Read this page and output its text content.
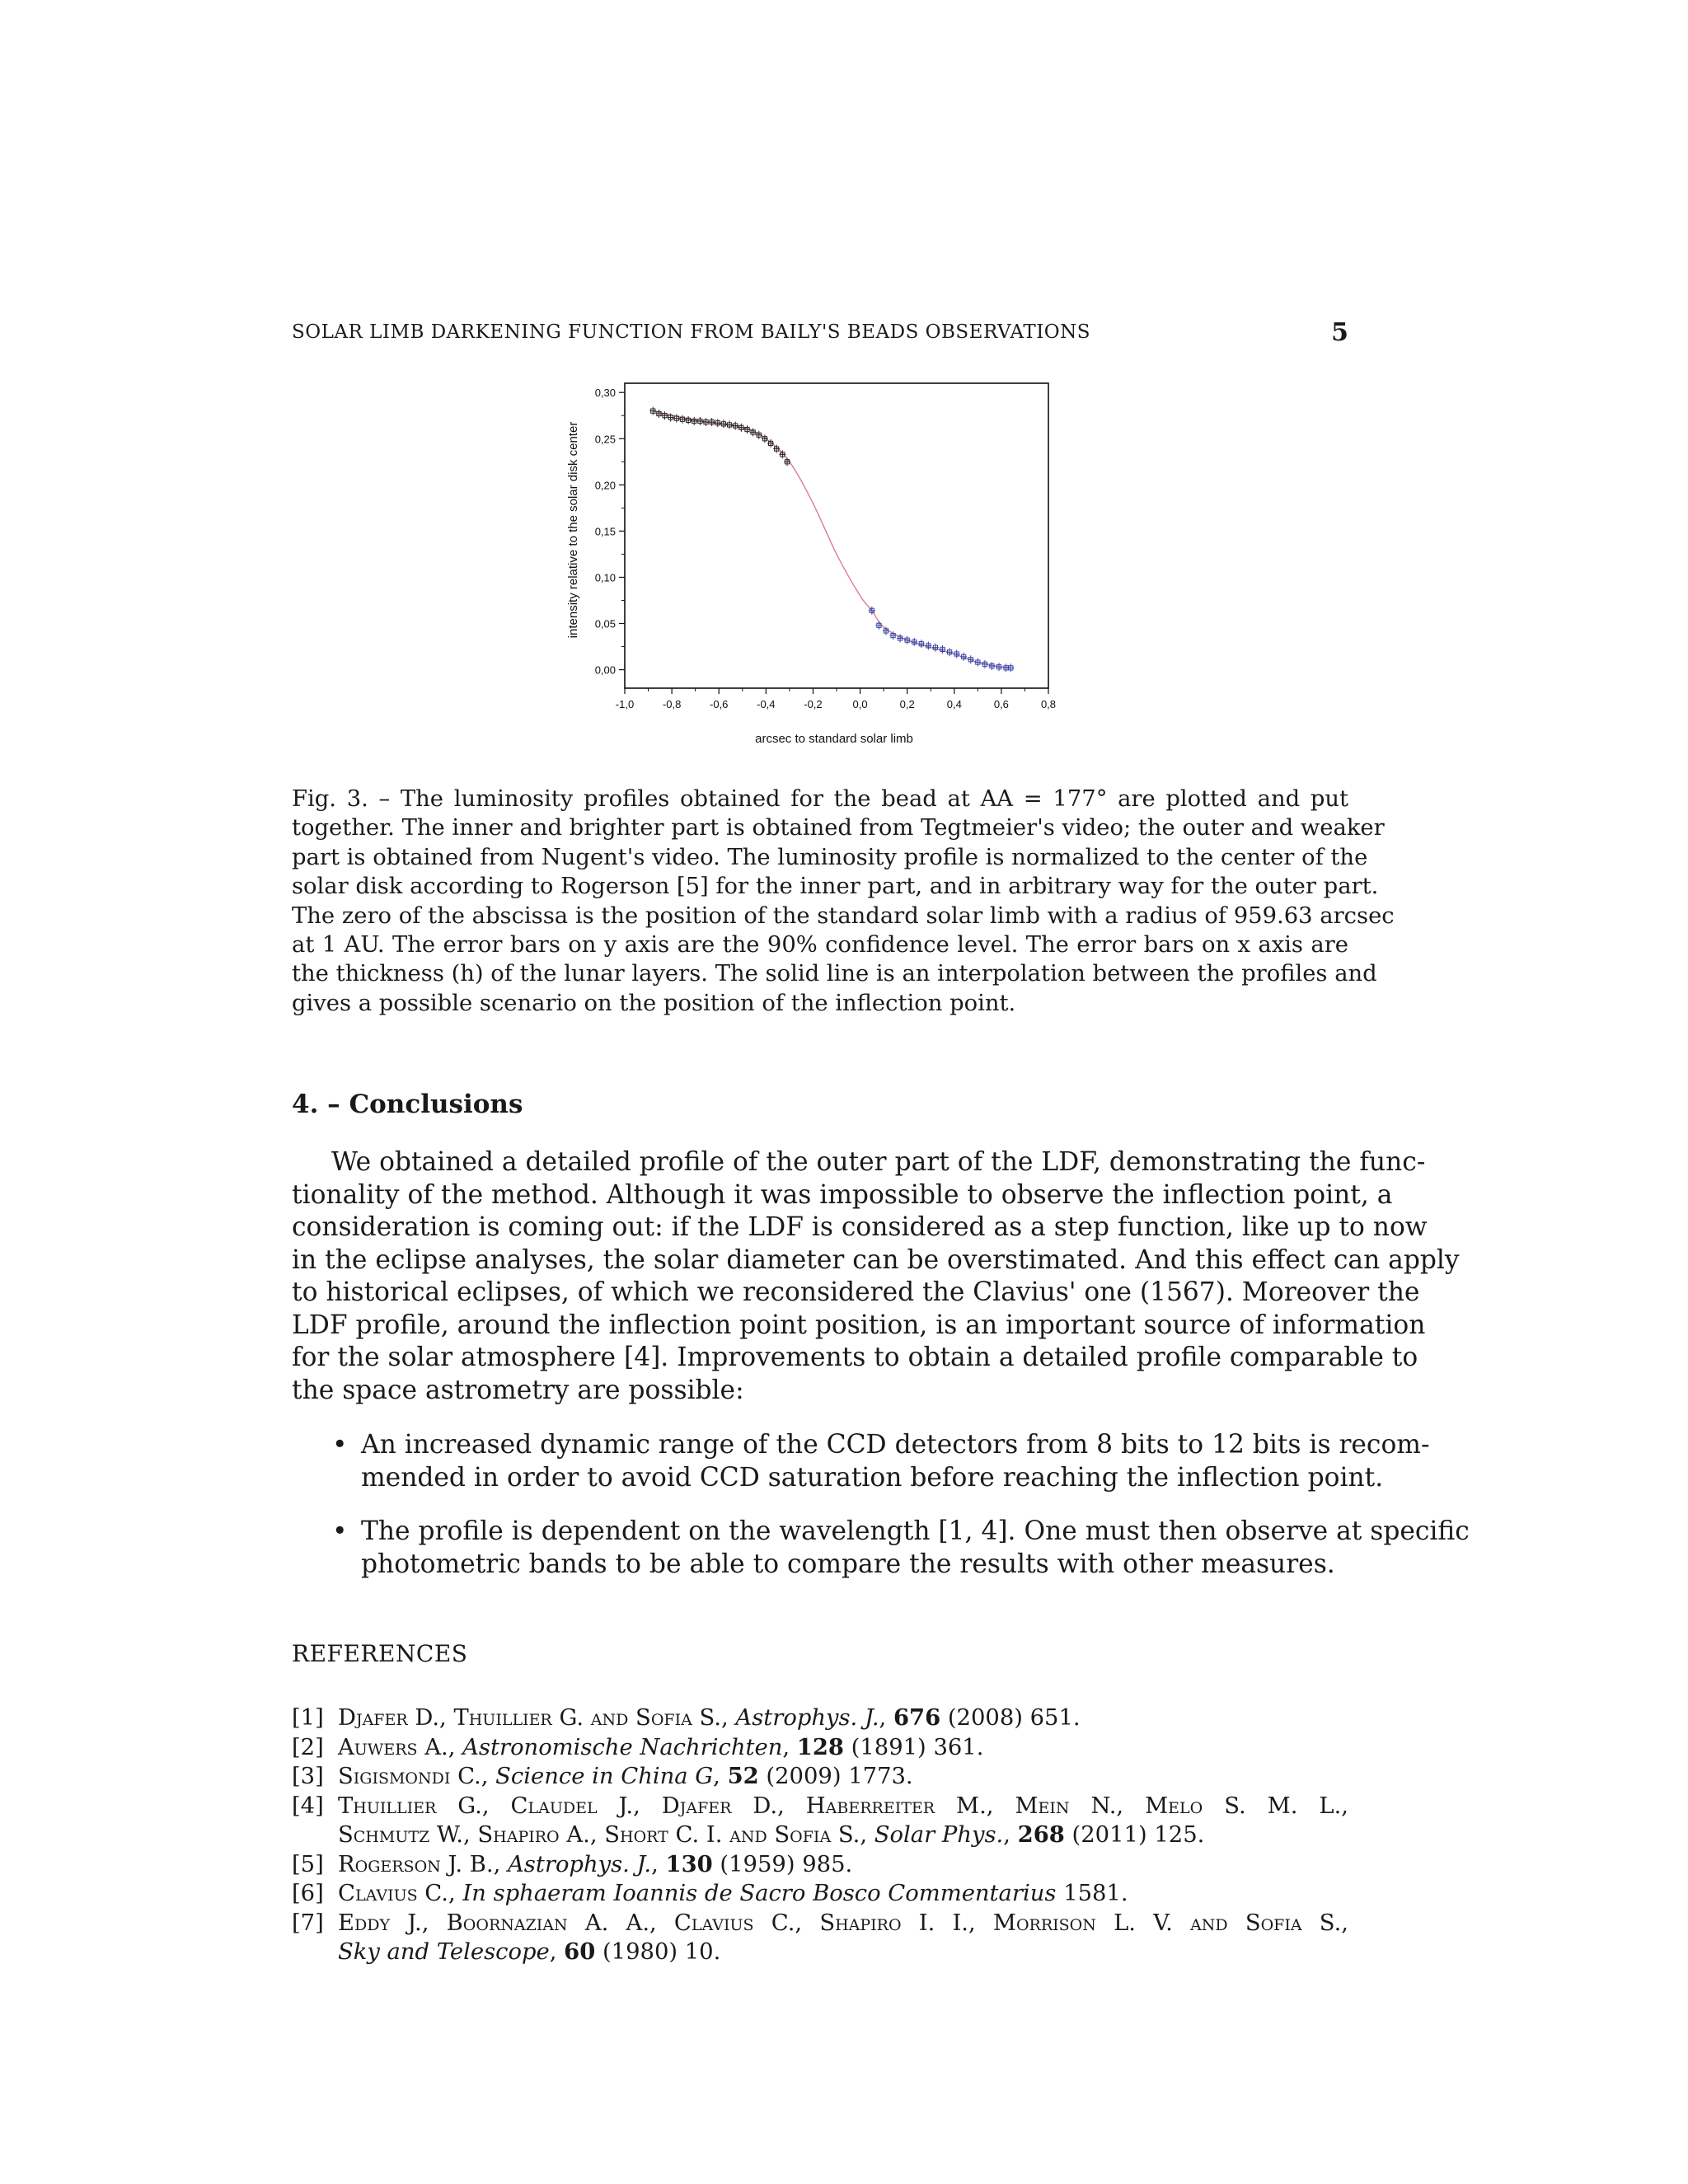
SOLAR LIMB DARKENING FUNCTION FROM BAILY'S BEADS OBSERVATIONS	5
-1,0	-0,8	-0,6	-0,4	-0,2	0,0	0,2	0,4	0,6	0,8
0,00
0,05
0,10
0,15
0,20
0,25
0,30
arcsec to standard solar limb
intensity relative to the solar disk center
Fig. 3. – The luminosity profiles obtained for the bead at AA = 177° are plotted and put
together. The inner and brighter part is obtained from Tegtmeier's video; the outer and weaker
part is obtained from Nugent's video. The luminosity profile is normalized to the center of the
solar disk according to Rogerson [5] for the inner part, and in arbitrary way for the outer part.
The zero of the abscissa is the position of the standard solar limb with a radius of 959.63 arcsec
at 1 AU. The error bars on y axis are the 90% confidence level. The error bars on x axis are
the thickness (h) of the lunar layers. The solid line is an interpolation between the profiles and
gives a possible scenario on the position of the inflection point.
4. – Conclusions
We obtained a detailed profile of the outer part of the LDF, demonstrating the func-
tionality of the method. Although it was impossible to observe the inflection point, a
consideration is coming out: if the LDF is considered as a step function, like up to now
in the eclipse analyses, the solar diameter can be overstimated. And this effect can apply
to historical eclipses, of which we reconsidered the Clavius' one (1567). Moreover the
LDF profile, around the inflection point position, is an important source of information
for the solar atmosphere [4]. Improvements to obtain a detailed profile comparable to
the space astrometry are possible:
• An increased dynamic range of the CCD detectors from 8 bits to 12 bits is recom-
mended in order to avoid CCD saturation before reaching the inflection point.
• The profile is dependent on the wavelength [1, 4]. One must then observe at specific
photometric bands to be able to compare the results with other measures.
REFERENCES
[1] Djafer D., Thuillier G. and Sofia S., Astrophys. J., 676 (2008) 651.
[2] Auwers A., Astronomische Nachrichten, 128 (1891) 361.
[3] Sigismondi C., Science in China G, 52 (2009) 1773.
[4] Thuillier G., Claudel J., Djafer D., Haberreiter M., Mein N., Melo S. M. L.,
Schmutz W., Shapiro A., Short C. I. and Sofia S., Solar Phys., 268 (2011) 125.
[5] Rogerson J. B., Astrophys. J., 130 (1959) 985.
[6] Clavius C., In sphaeram Ioannis de Sacro Bosco Commentarius 1581.
[7] Eddy J., Boornazian A. A., Clavius C., Shapiro I. I., Morrison L. V. and Sofia S.,
Sky and Telescope, 60 (1980) 10.
